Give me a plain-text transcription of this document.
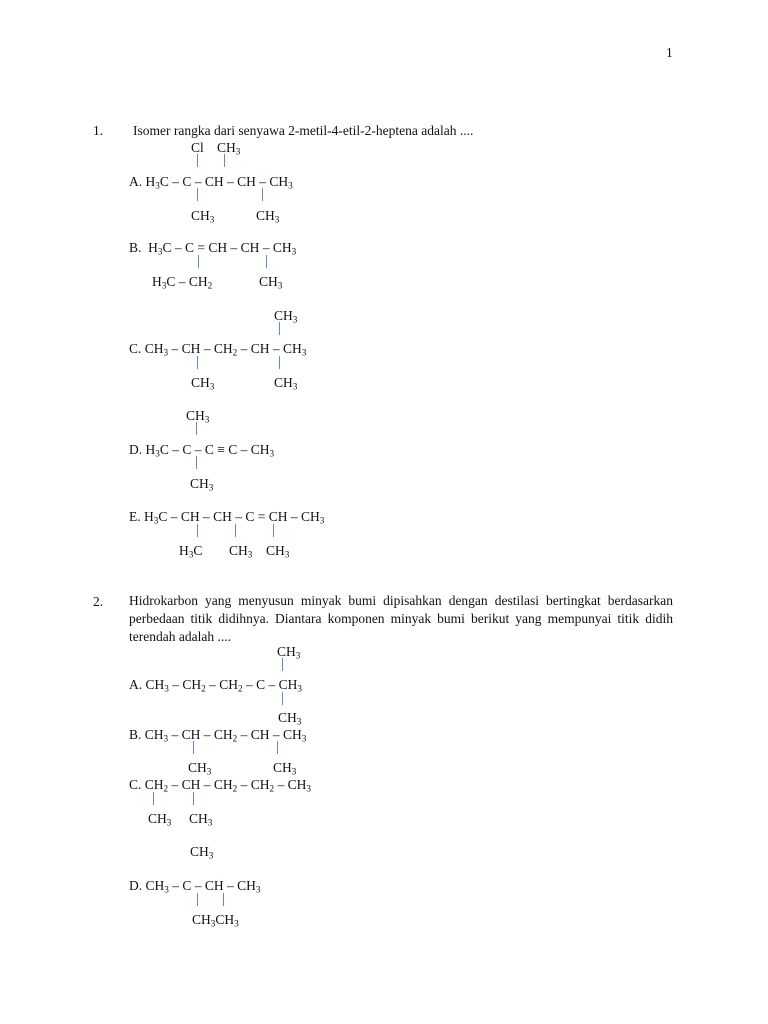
1
1. Isomer rangka dari senyawa 2-metil-4-etil-2-heptena adalah ....
Cl $CH_3$
A. $H_3C$ – C – CH – CH – $CH_3$
$CH_3$	$CH_3$
B. $H_3C$ – C = CH – CH – $CH_3$
$H_3C - CH_2$	$CH_3$
$CH_3$
C. $CH_3$ – CH – $CH_2$ – CH – $CH_3$
$CH_3$	$CH_3$
$CH_3$
D. $H_3C - C - C \equiv C - CH_3$
$CH_3$
E. $H_3C$ – CH – CH – C = CH – $CH_3$
$H_3C$ $CH_3$ $CH_3$
2. Hidrokarbon yang menyusun minyak bumi dipisahkan dengan destilasi bertingkat berdasarkan perbedaan titik didihnya. Diantara komponen minyak bumi berikut yang mempunyai titik didih terendah adalah ....
$CH_3$
A. $CH_3 - CH_2 - CH_2$ – C – $CH_3$
$CH_3$
B. $CH_3$ – CH – $CH_2$ – CH – $CH_3$
$CH_3$	$CH_3$
C. $CH_2$ – CH – $CH_2 - CH_2 - CH_3$
$CH_3$ $CH_3$
$CH_3$
D. $CH_3$ – C – CH – $CH_3$
$CH_3CH_3$
